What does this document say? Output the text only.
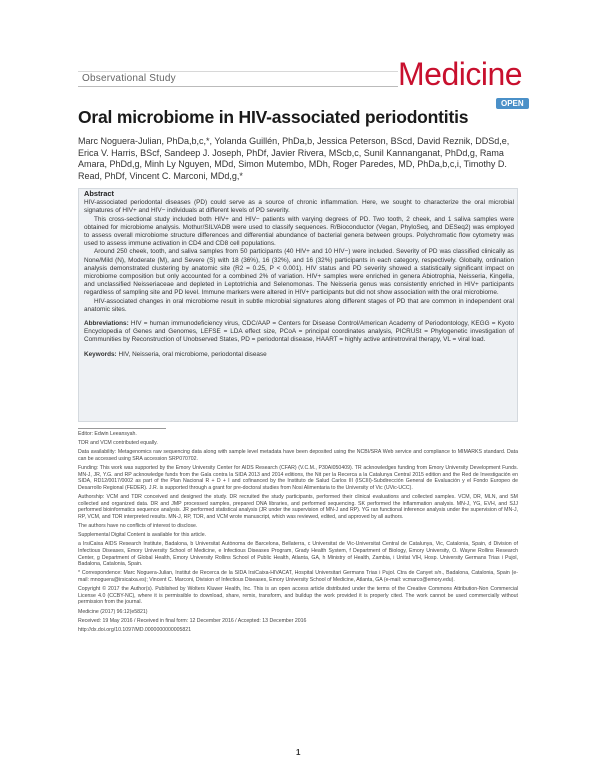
Observational Study	Medicine
OPEN
Oral microbiome in HIV-associated periodontitis
Marc Noguera-Julian, PhDa,b,c,*, Yolanda Guillén, PhDa,b, Jessica Peterson, BScd, David Reznik, DDSd,e, Erica V. Harris, BScf, Sandeep J. Joseph, PhDf, Javier Rivera, MScb,c, Sunil Kannanganat, PhDd,g, Rama Amara, PhDd,g, Minh Ly Nguyen, MDd, Simon Mutembo, MDh, Roger Paredes, MD, PhDa,b,c,i, Timothy D. Read, PhDf, Vincent C. Marconi, MDd,g,*
Abstract

HIV-associated periodontal diseases (PD) could serve as a source of chronic inflammation. Here, we sought to characterize the oral microbial signatures of HIV+ and HIV− individuals at different levels of PD severity.

This cross-sectional study included both HIV+ and HIV− patients with varying degrees of PD. Two tooth, 2 cheek, and 1 saliva samples were obtained for microbiome analysis. Mothur/SILVADB were used to classify sequences. R/Bioconductor (Vegan, PhyloSeq, and DESeq2) was employed to assess overall microbiome structure differences and differential abundance of bacterial genera between groups. Polychromatic flow cytometry was used to assess immune activation in CD4 and CD8 cell populations.

Around 250 cheek, tooth, and saliva samples from 50 participants (40 HIV+ and 10 HIV−) were included. Severity of PD was classified clinically as None/Mild (N), Moderate (M), and Severe (S) with 18 (36%), 16 (32%), and 16 (32%) participants in each category, respectively. Globally, ordination analysis demonstrated clustering by anatomic site (R2 = 0.25, P < 0.001). HIV status and PD severity showed a statistically significant impact on microbiome composition but only accounted for a combined 2% of variation. HIV+ samples were enriched in genera Abiotrophia, Neisseria, Kingella, and unclassified Neisseriaceae and depleted in Leptotrichia and Selenomonas. The Neisseria genus was consistently enriched in HIV+ participants regardless of sampling site and PD level. Immune markers were altered in HIV+ participants but did not show association with the oral microbiome.

HIV-associated changes in oral microbiome result in subtle microbial signatures along different stages of PD that are common in independent oral anatomic sites.

Abbreviations: HIV = human immunodeficiency virus, CDC/AAP = Centers for Disease Control/American Academy of Periodontology, KEGG = Kyoto Encyclopedia of Genes and Genomes, LEFSE = LDA effect size, PCoA = principal coordinates analysis, PICRUSt = Phylogenetic investigation of Communities by Reconstruction of Unobserved States, PD = periodontal disease, HAART = highly active antiretroviral therapy, VL = viral load.
Keywords: HIV, Neisseria, oral microbiome, periodontal disease

Editor: Edwin Leeansyah.

TDR and VCM contributed equally.

Data availability: Metagenomics raw sequencing data along with sample level metadata have been deposited using the NCBI/SRA Web service and compliance to MIMARKS standard. Data can be accessed using SRA accession SRP070702.

Funding: This work was supported by the Emory University Center for AIDS Research (CFAR) (V.C.M., P30AI050409). TR acknowledges funding from Emory University Development Funds. MN-J, JR, Y.G. and RP acknowledge funds from the Gala contra la SIDA 2013 and 2014 editions, the Nit per la Recerca a la Catalunya Central 2015 edition and the Red de Investigación en SIDA, RD12/0017/0002 as part of the Plan Nacional R + D + I and cofinanced by the Instituto de Salud Carlos III (ISCIII)-Subdirección General de Evaluación y el Fondo Europeo de Desarrollo Regional (FEDER). J.R. is supported through a grant for pre-doctoral studies from Nosi Alimentaria to the University of Vic (UVic-UCC).

Authorship: VCM and TDR conceived and designed the study. DR recruited the study participants, performed their clinical evaluations and collected samples. VCM, DR, MLN, and SM collected and organized data. DR and JMP processed samples, prepared DNA libraries, and performed sequencing. SK performed the inflammation analysis. MN-J, YG, EVH, and SJJ performed bioinformatics sequence analysis. JR performed statistical analysis (JR under the supervision of MN-J and RP). YG ran functional inference analysis under the supervision of MN-J, RP, VCM, and TDR interpreted results. MN-J, RP, TDR, and VCM wrote manuscript, which was reviewed, edited, and approved by all authors.

The authors have no conflicts of interest to disclose.

Supplemental Digital Content is available for this article.

a IrsiCaixa AIDS Research Institute, Badalona, b Universitat Autònoma de Barcelona, Bellaterra, c Universitat de Vic-Universitat Central de Catalunya, Vic, Catalonia, Spain, d Division of Infectious Diseases, Emory University School of Medicine, e Infectious Diseases Program, Grady Health System, f Department of Biology, Emory University, O. Wayne Rollins Research Center, g Department of Global Health, Emory University Rollins School of Public Health, Atlanta, GA, h Ministry of Health, Zambia, i Unitat VIH, Hosp. University Germans Trias i Pujol, Badalona, Catalonia, Spain.

* Correspondence: Marc Noguera-Julian, Institut de Recerca de la SIDA IrsiCaixa-HIVACAT, Hospital Universitari Germans Trias i Pujol. Ctra de Canyet s/n., Badalona, Catalonia, Spain (e-mail: mnoguera@irsicaixa.es); Vincent C. Marconi, Division of Infectious Diseases, Emory University School of Medicine, Atlanta, GA (e-mail: vcmarco@emory.edu).

Copyright © 2017 the Author(s). Published by Wolters Kluwer Health, Inc. This is an open access article distributed under the terms of the Creative Commons Attribution-Non Commercial License 4.0 (CCBY-NC), where it is permissible to download, share, remix, transform, and buildup the work provided it is properly cited. The work cannot be used commercially without permission from the journal.

Medicine (2017) 96:12(e5821)

Received: 19 May 2016 / Received in final form: 12 December 2016 / Accepted: 13 December 2016

http://dx.doi.org/10.1097/MD.0000000000005821

1
